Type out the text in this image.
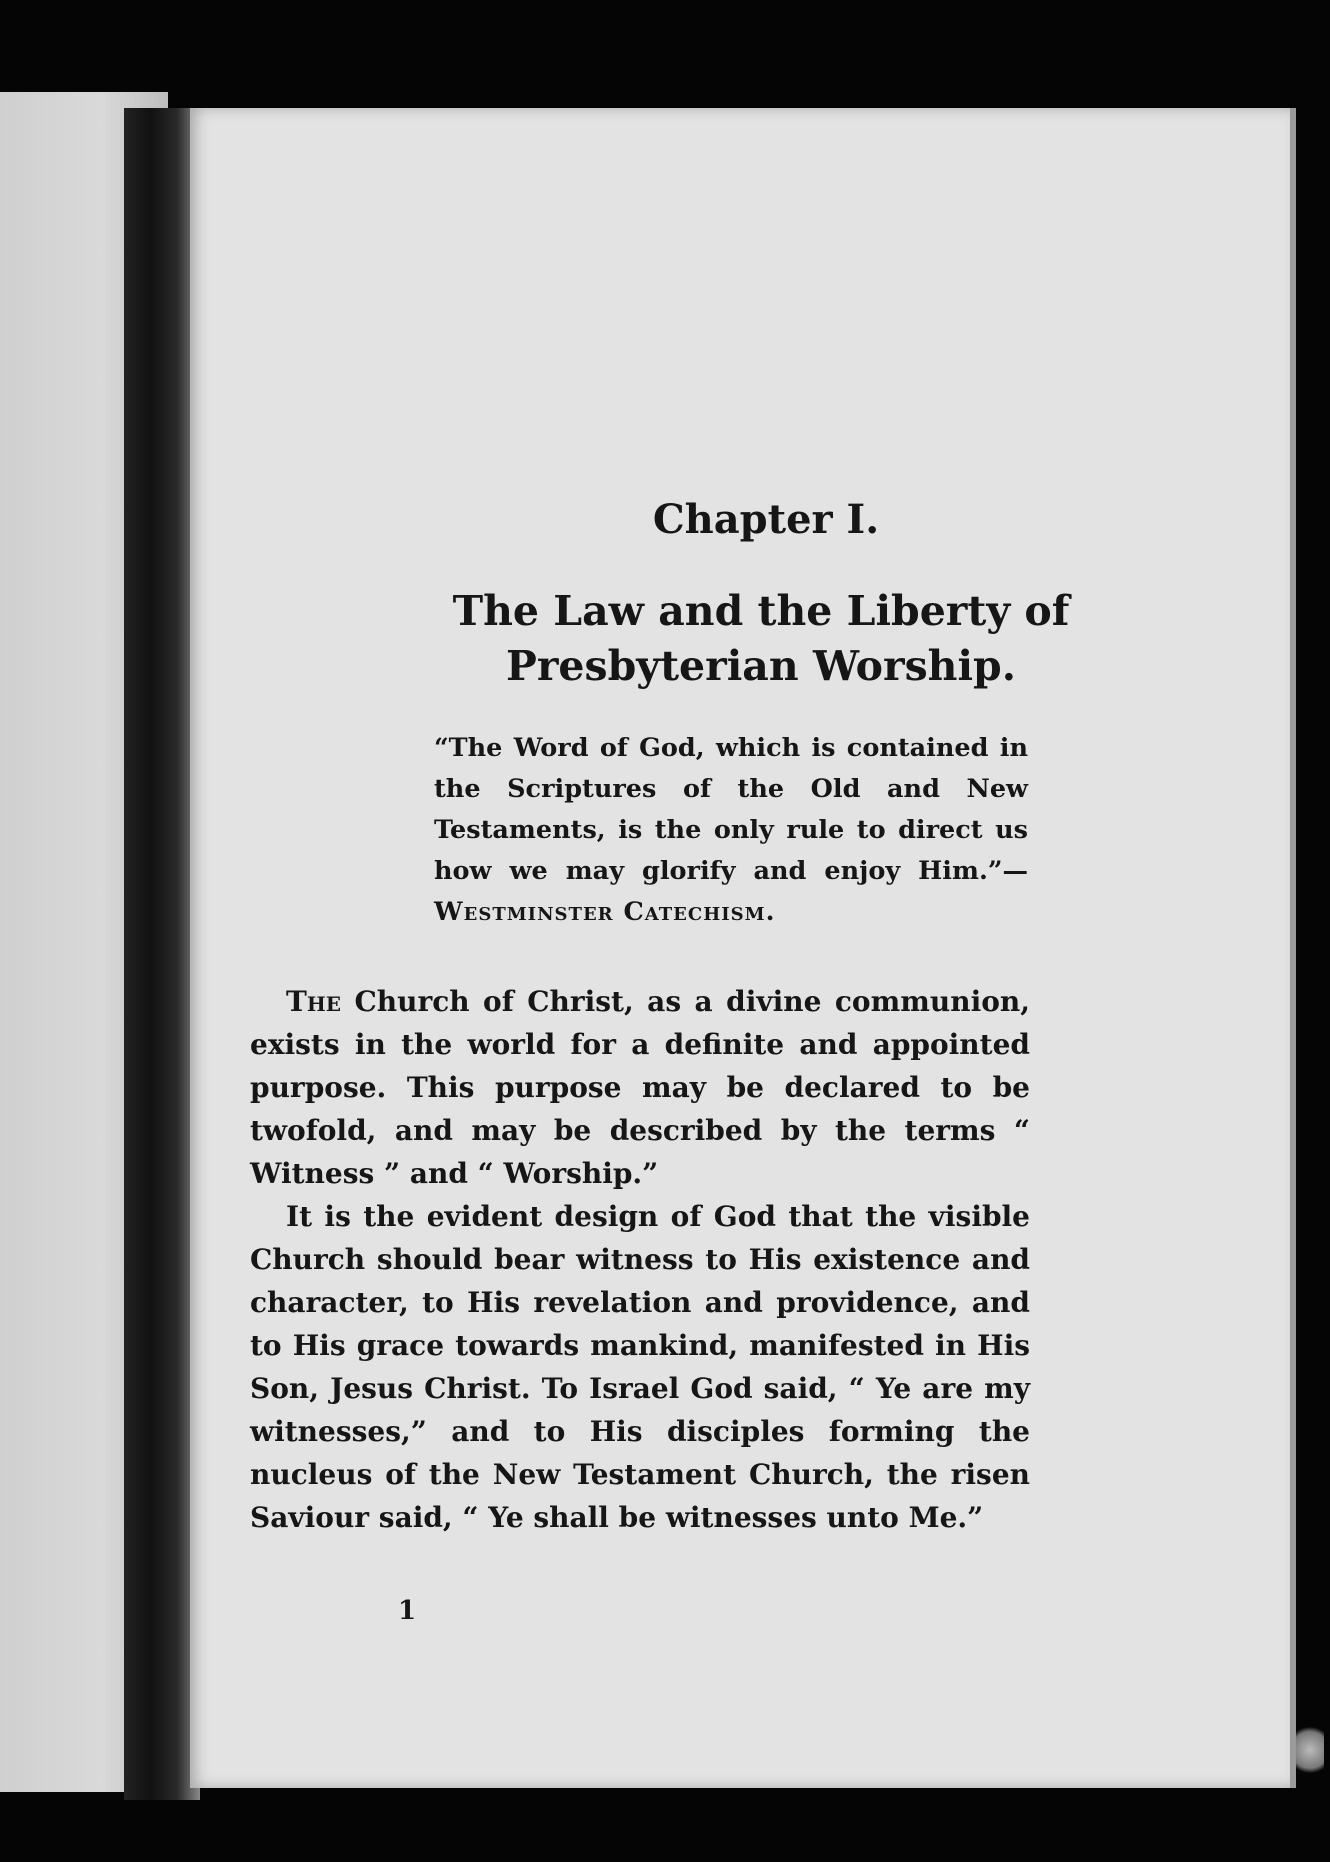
Chapter I.
The Law and the Liberty of
Presbyterian Worship.
“The Word of God, which is contained in the Scriptures of the Old and New Testaments, is the only rule to direct us how we may glorify and enjoy Him.”— Westminster Catechism.

The Church of Christ, as a divine communion, exists in the world for a definite and appointed purpose. This purpose may be declared to be twofold, and may be described by the terms “ Witness ” and “ Worship.”

It is the evident design of God that the visible Church should bear witness to His existence and character, to His revelation and providence, and to His grace towards mankind, manifested in His Son, Jesus Christ. To Israel God said, “ Ye are my witnesses,” and to His disciples forming the nucleus of the New Testament Church, the risen Saviour said, “ Ye shall be witnesses unto Me.”

1
